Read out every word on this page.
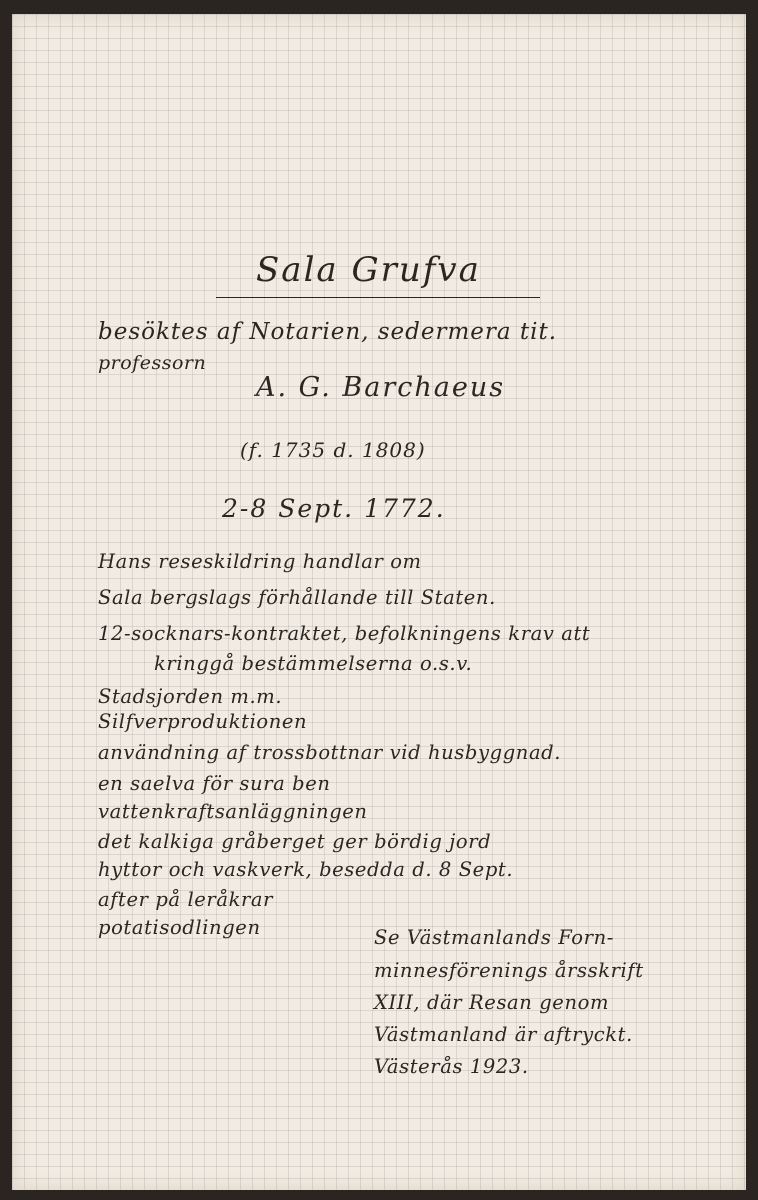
Sala Grufva

besöktes af Notarien, sedermera tit.

professorn

A. G. Barchaeus

(f. 1735 d. 1808)

2-8 Sept. 1772.

Hans reseskildring handlar om

Sala bergslags förhållande till Staten.

12-socknars-kontraktet, befolkningens krav att

kringgå bestämmelserna o.s.v.

Stadsjorden m.m.

Silfverproduktionen

användning af trossbottnar vid husbyggnad.

en saelva för sura ben

vattenkraftsanläggningen

det kalkiga gråberget ger bördig jord

hyttor och vaskverk, besedda d. 8 Sept.

after på leråkrar

potatisodlingen	Se Västmanlands Forn-

minnesförenings årsskrift

XIII, där Resan genom

Västmanland är aftryckt.

Västerås 1923.
